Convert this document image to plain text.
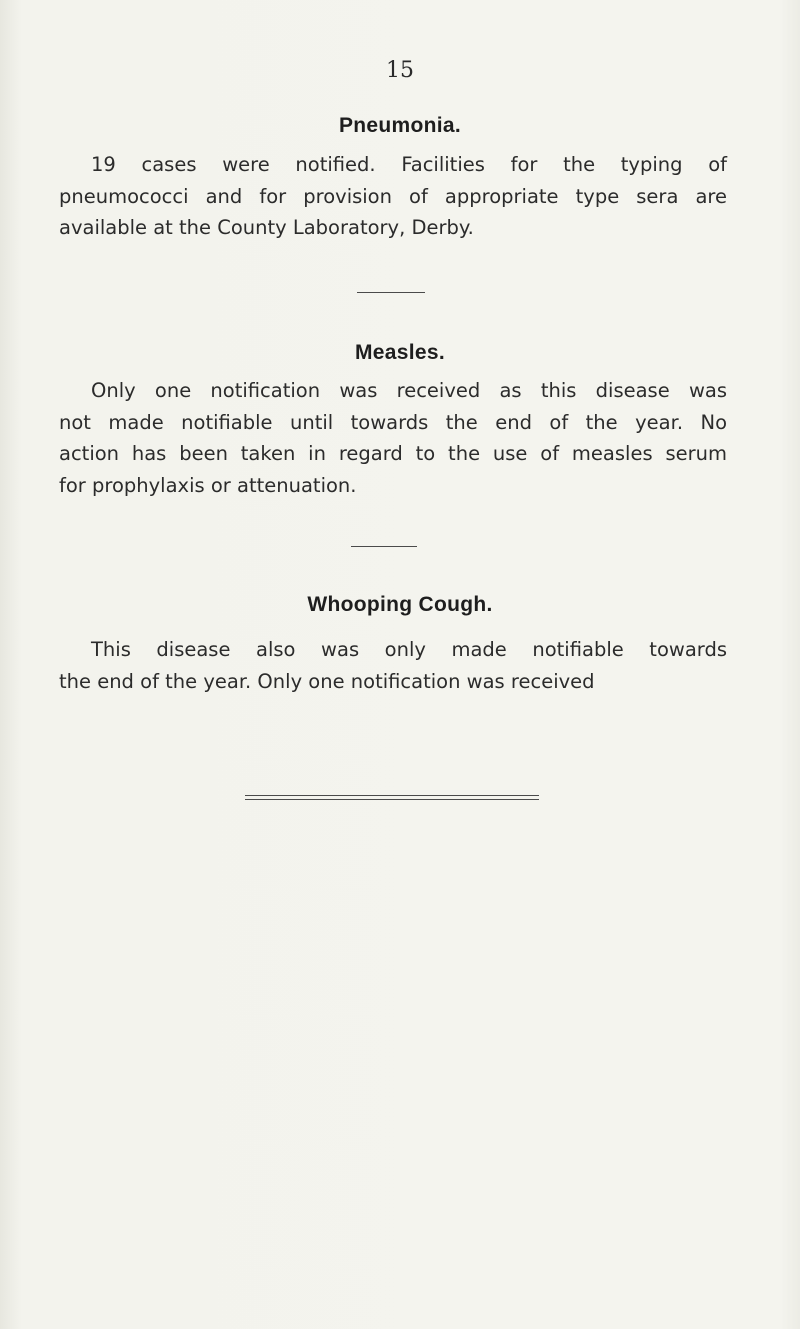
15
Pneumonia.
19 cases were notified. Facilities for the typing of
pneumococci and for provision of appropriate type sera are
available at the County Laboratory, Derby.
Measles.
Only one notification was received as this disease was
not made notifiable until towards the end of the year. No
action has been taken in regard to the use of measles serum
for prophylaxis or attenuation.
Whooping Cough.
This disease also was only made notifiable towards
the end of the year. Only one notification was received
